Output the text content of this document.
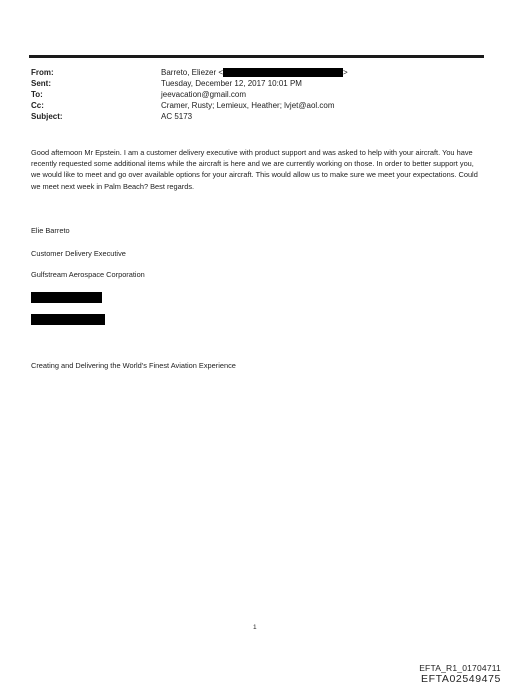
From:	Barreto, Eliezer <	>
Sent:	Tuesday, December 12, 2017 10:01 PM
To:	jeevacation@gmail.com
Cc:	Cramer, Rusty; Lemieux, Heather; lvjet@aol.com
Subject:	AC 5173
Good afternoon Mr Epstein. I am a customer delivery executive with product support and was asked to help with your aircraft. You have recently requested some additional items while the aircraft is here and we are currently working on those. In order to better support you, we would like to meet and go over available options for your aircraft. This would allow us to make sure we meet your expectations. Could we meet next week in Palm Beach? Best regards.
Elie Barreto
Customer Delivery Executive
Gulfstream Aerospace Corporation
Creating and Delivering the World's Finest Aviation Experience
1
EFTA_R1_01704711
EFTA02549475
